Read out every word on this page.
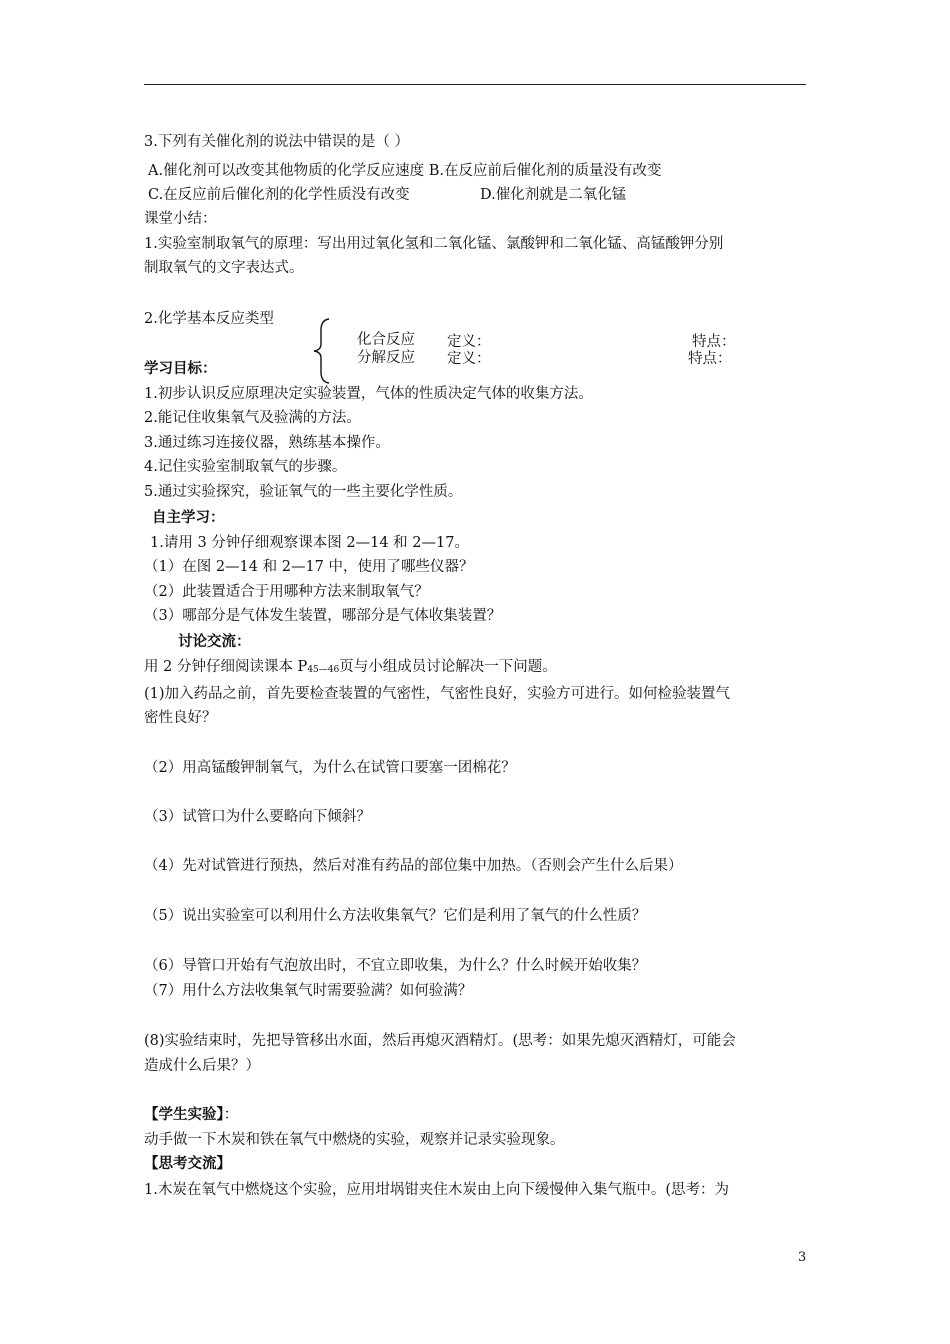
3.下列有关催化剂的说法中错误的是（ ）
A.催化剂可以改变其他物质的化学反应速度 B.在反应前后催化剂的质量没有改变
C.在反应前后催化剂的化学性质没有改变	D.催化剂就是二氧化锰
课堂小结：
1.实验室制取氧气的原理：写出用过氧化氢和二氧化锰、氯酸钾和二氧化锰、高锰酸钾分别
制取氧气的文字表达式。
2.化学基本反应类型
化合反应 定义：	特点：
分解反应 定义：	特点：
学习目标：
1.初步认识反应原理决定实验装置，气体的性质决定气体的收集方法。
2.能记住收集氧气及验满的方法。
3.通过练习连接仪器，熟练基本操作。
4.记住实验室制取氧气的步骤。
5.通过实验探究，验证氧气的一些主要化学性质。
自主学习：
1.请用 3 分钟仔细观察课本图 2—14 和 2—17。
（1）在图 2—14 和 2—17 中，使用了哪些仪器？
（2）此装置适合于用哪种方法来制取氧气？
（3）哪部分是气体发生装置，哪部分是气体收集装置？
讨论交流：
用 2 分钟仔细阅读课本 P45—46页与小组成员讨论解决一下问题。
(1)加入药品之前，首先要检查装置的气密性，气密性良好，实验方可进行。如何检验装置气
密性良好？
（2）用高锰酸钾制氧气，为什么在试管口要塞一团棉花？
（3）试管口为什么要略向下倾斜？
（4）先对试管进行预热，然后对准有药品的部位集中加热。（否则会产生什么后果）
（5）说出实验室可以利用什么方法收集氧气？它们是利用了氧气的什么性质？
（6）导管口开始有气泡放出时，不宜立即收集，为什么？什么时候开始收集？
（7）用什么方法收集氧气时需要验满？如何验满？
(8)实验结束时，先把导管移出水面，然后再熄灭酒精灯。(思考：如果先熄灭酒精灯，可能会
造成什么后果？）
【学生实验】：
动手做一下木炭和铁在氧气中燃烧的实验，观察并记录实验现象。
【思考交流】
1.木炭在氧气中燃烧这个实验，应用坩埚钳夹住木炭由上向下缓慢伸入集气瓶中。(思考：为
3
